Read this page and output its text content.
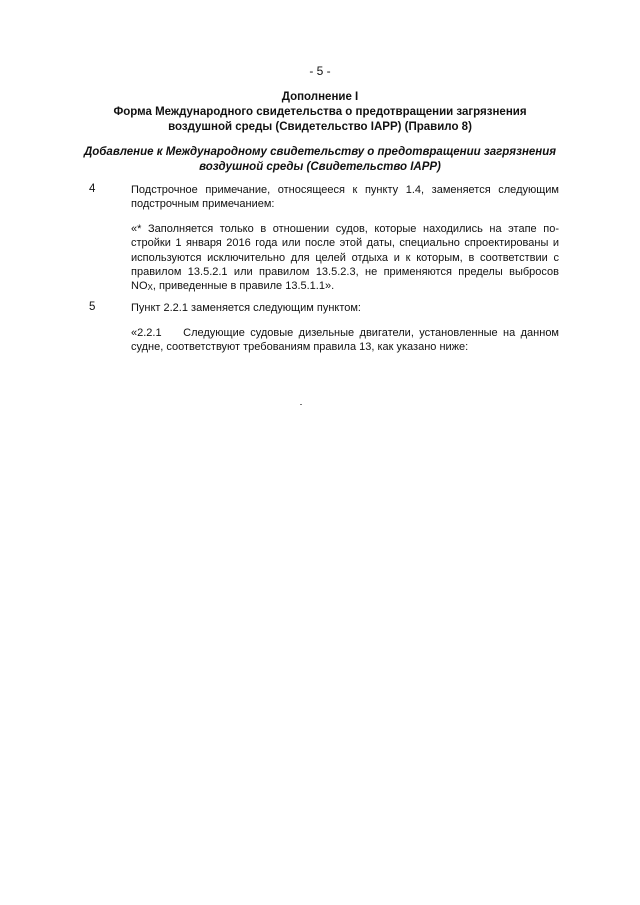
- 5 -
Дополнение I
Форма Международного свидетельства о предотвращении загрязнения
воздушной среды (Свидетельство IAPP) (Правило 8)
Добавление к Международному свидетельству о предотвращении загрязнения
воздушной среды (Свидетельство IAPP)
4	Подстрочное примечание, относящееся к пункту 1.4, заменяется следующим
подстрочным примечанием:
«* Заполняется только в отношении судов, которые находились на этапе по-
стройки 1 января 2016 года или после этой даты, специально спроектированы и
используются исключительно для целей отдыха и к которым, в соответствии с
правилом 13.5.2.1 или правилом 13.5.2.3, не применяются пределы выбросов
$NO_X$, приведенные в правиле 13.5.1.1».
5	Пункт 2.2.1 заменяется следующим пунктом:
«2.2.1    Следующие судовые дизельные двигатели, установленные на данном
судне, соответствуют требованиям правила 13, как указано ниже:
